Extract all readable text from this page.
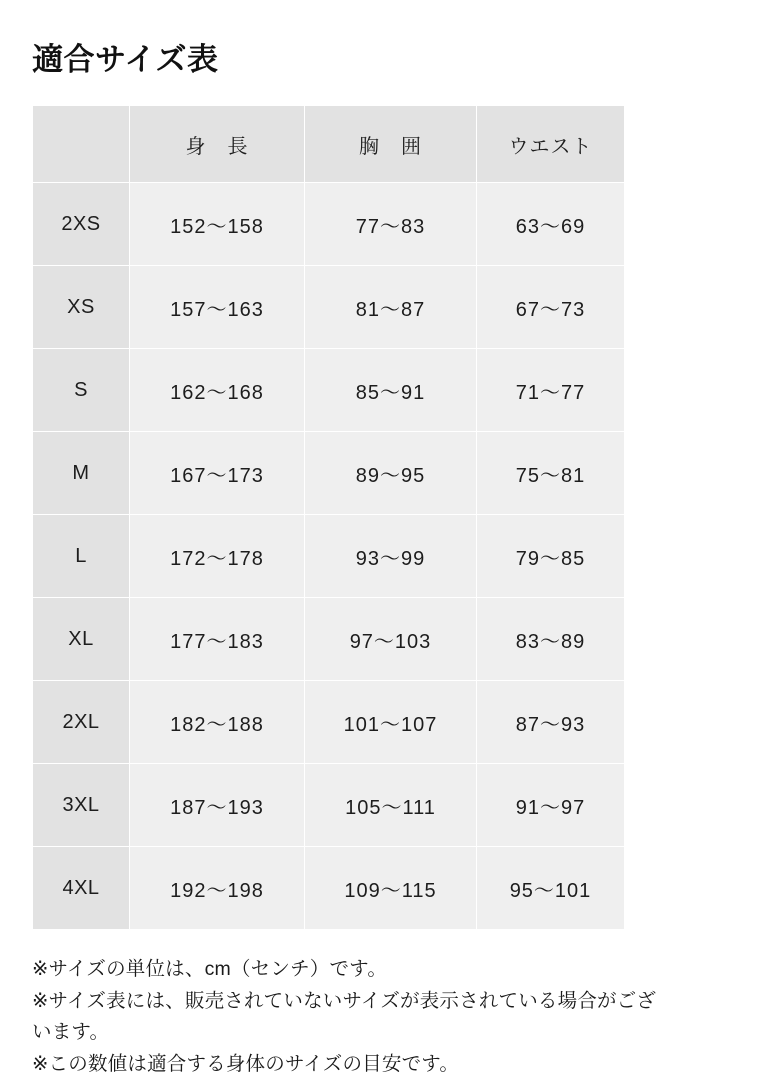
適合サイズ表
	身　長	胸　囲	ウエスト
2XS	152〜158	77〜83	63〜69
XS	157〜163	81〜87	67〜73
S	162〜168	85〜91	71〜77
M	167〜173	89〜95	75〜81
L	172〜178	93〜99	79〜85
XL	177〜183	97〜103	83〜89
2XL	182〜188	101〜107	87〜93
3XL	187〜193	105〜111	91〜97
4XL	192〜198	109〜115	95〜101

※サイズの単位は、cm（センチ）です。

※サイズ表には、販売されていないサイズが表示されている場合がございます。

※この数値は適合する身体のサイズの目安です。
